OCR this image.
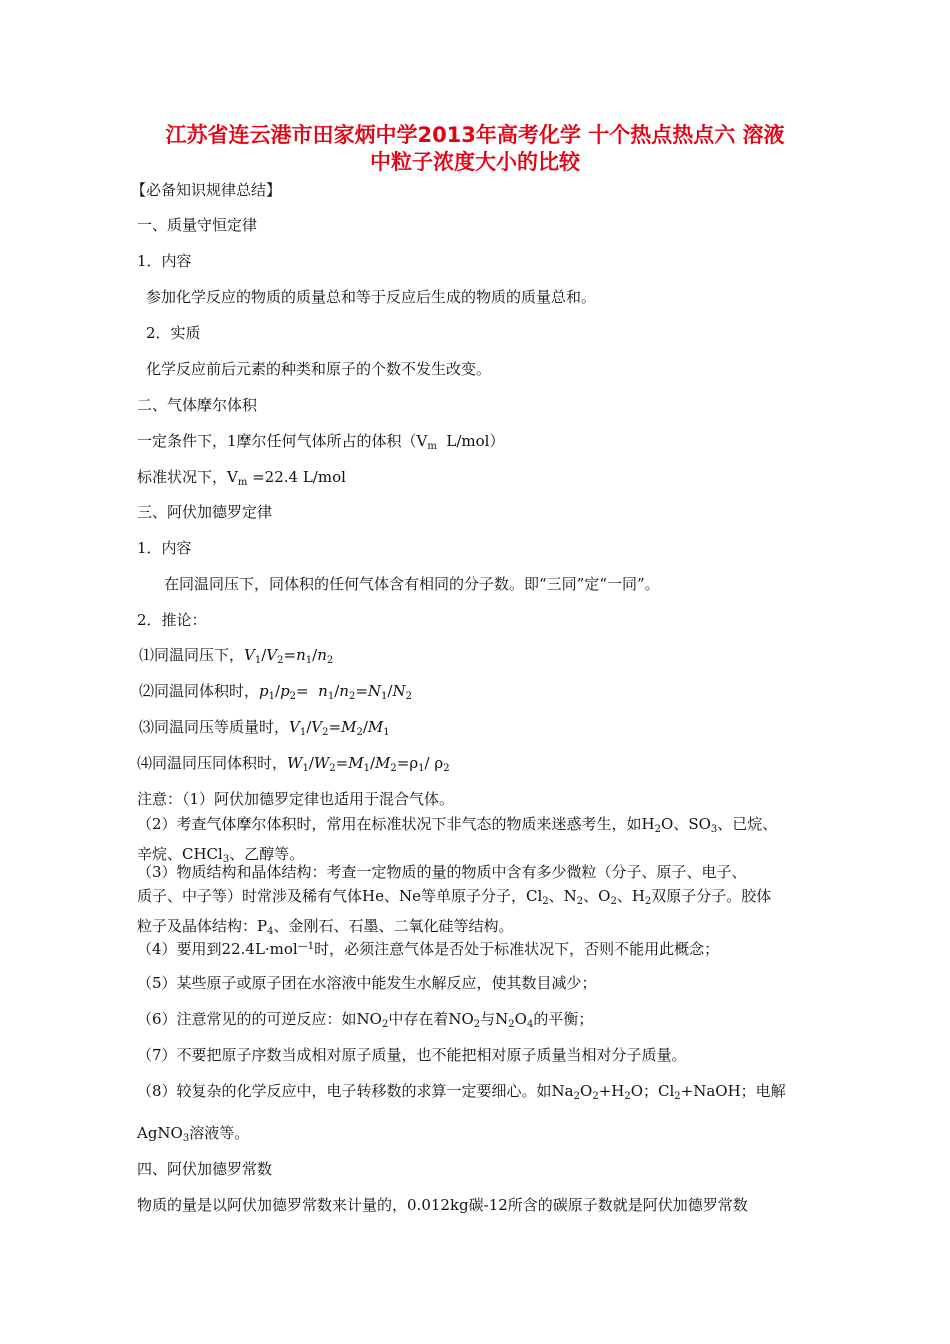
江苏省连云港市田家炳中学2013年高考化学 十个热点热点六 溶液
中粒子浓度大小的比较
【必备知识规律总结】
一、质量守恒定律
1．内容
参加化学反应的物质的质量总和等于反应后生成的物质的质量总和。
2．实质
化学反应前后元素的种类和原子的个数不发生改变。
二、气体摩尔体积
一定条件下，1摩尔任何气体所占的体积（$V_m$  L/mol）
标准状况下，$V_m =22.4$ L/mol
三、阿伏加德罗定律
1．内容
在同温同压下，同体积的任何气体含有相同的分子数。即“三同”定“一同”。
2．推论：
⑴同温同压下，$V_1/V_2=n_1/n_2$
⑵同温同体积时，$p_1/p_2= n_1/n_2=N_1/N_2$
⑶同温同压等质量时，$V_1/V_2=M_2/M_1$
⑷同温同压同体积时，$W_1/W_2=M_1/M_2=\rho_1/$ $\rho_2$
注意：（1）阿伏加德罗定律也适用于混合气体。
（2）考查气体摩尔体积时，常用在标准状况下非气态的物质来迷惑考生，如$H_2O$、$SO_3$、已烷、
辛烷、CHCl$_3$、乙醇等。
（3）物质结构和晶体结构：考查一定物质的量的物质中含有多少微粒（分子、原子、电子、
质子、中子等）时常涉及稀有气体He、Ne等单原子分子，$Cl_2$、$N_2$、$O_2$、$H_2$双原子分子。胶体
粒子及晶体结构：$P_4$、金刚石、石墨、二氧化硅等结构。
（4）要用到22.4L·mol$^{—1}$时，必须注意气体是否处于标准状况下，否则不能用此概念；
（5）某些原子或原子团在水溶液中能发生水解反应，使其数目减少；
（6）注意常见的的可逆反应：如$NO_2$中存在着$NO_2$与$N_2O_4$的平衡；
（7）不要把原子序数当成相对原子质量，也不能把相对原子质量当相对分子质量。
（8）较复杂的化学反应中，电子转移数的求算一定要细心。如$Na_2O_2+H_2O$；$Cl_2+NaOH$；电解
AgNO$_3$溶液等。
四、阿伏加德罗常数
物质的量是以阿伏加德罗常数来计量的，0.012kg碳-12所含的碳原子数就是阿伏加德罗常数
